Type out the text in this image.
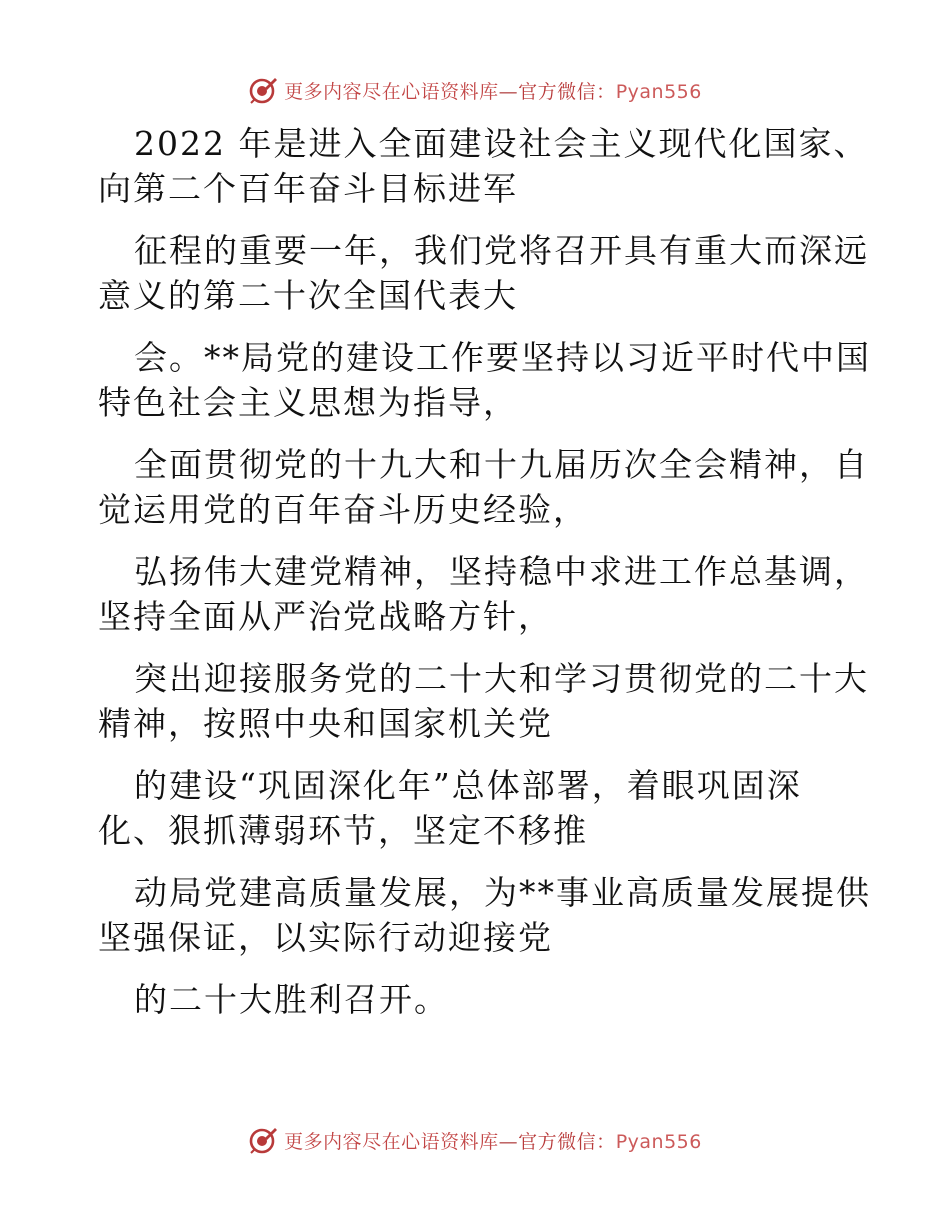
更多内容尽在心语资料库—官方微信：Pyan556

2022 年是进入全面建设社会主义现代化国家、

向第二个百年奋斗目标进军

征程的重要一年，我们党将召开具有重大而深远

意义的第二十次全国代表大

会。**局党的建设工作要坚持以习近平时代中国

特色社会主义思想为指导，

全面贯彻党的十九大和十九届历次全会精神，自

觉运用党的百年奋斗历史经验，

弘扬伟大建党精神，坚持稳中求进工作总基调，

坚持全面从严治党战略方针，

突出迎接服务党的二十大和学习贯彻党的二十大

精神，按照中央和国家机关党

的建设“巩固深化年”总体部署，着眼巩固深

化、狠抓薄弱环节，坚定不移推

动局党建高质量发展，为**事业高质量发展提供

坚强保证，以实际行动迎接党

的二十大胜利召开。

更多内容尽在心语资料库—官方微信：Pyan556
